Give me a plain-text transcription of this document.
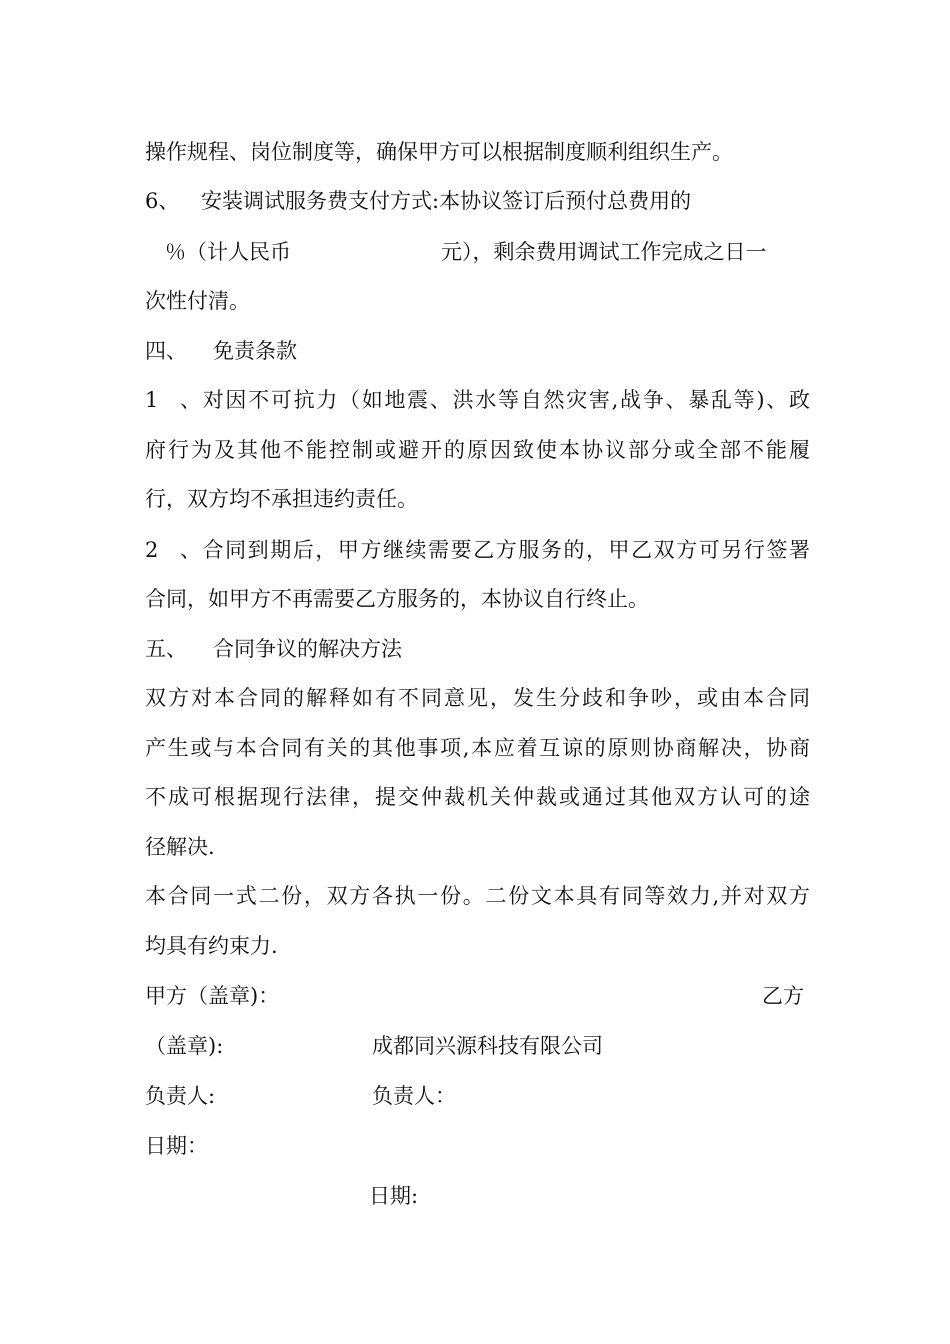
操作规程、岗位制度等，确保甲方可以根据制度顺利组织生产。
6、 安装调试服务费支付方式:本协议签订后预付总费用的
％（计人民币	元），剩余费用调试工作完成之日一
次性付清。
四、 免责条款
1、对因不可抗力（如地震、洪水等自然灾害,战争、暴乱等)、政
府行为及其他不能控制或避开的原因致使本协议部分或全部不能履
行，双方均不承担违约责任。
2、合同到期后，甲方继续需要乙方服务的，甲乙双方可另行签署
合同，如甲方不再需要乙方服务的，本协议自行终止。
五、 合同争议的解决方法
双方对本合同的解释如有不同意见，发生分歧和争吵，或由本合同
产生或与本合同有关的其他事项,本应着互谅的原则协商解决，协商
不成可根据现行法律，提交仲裁机关仲裁或通过其他双方认可的途
径解决.
本合同一式二份，双方各执一份。二份文本具有同等效力,并对双方
均具有约束力.
甲方（盖章)：	乙方
（盖章):	成都同兴源科技有限公司
负责人:	负责人：
日期：
日期:
